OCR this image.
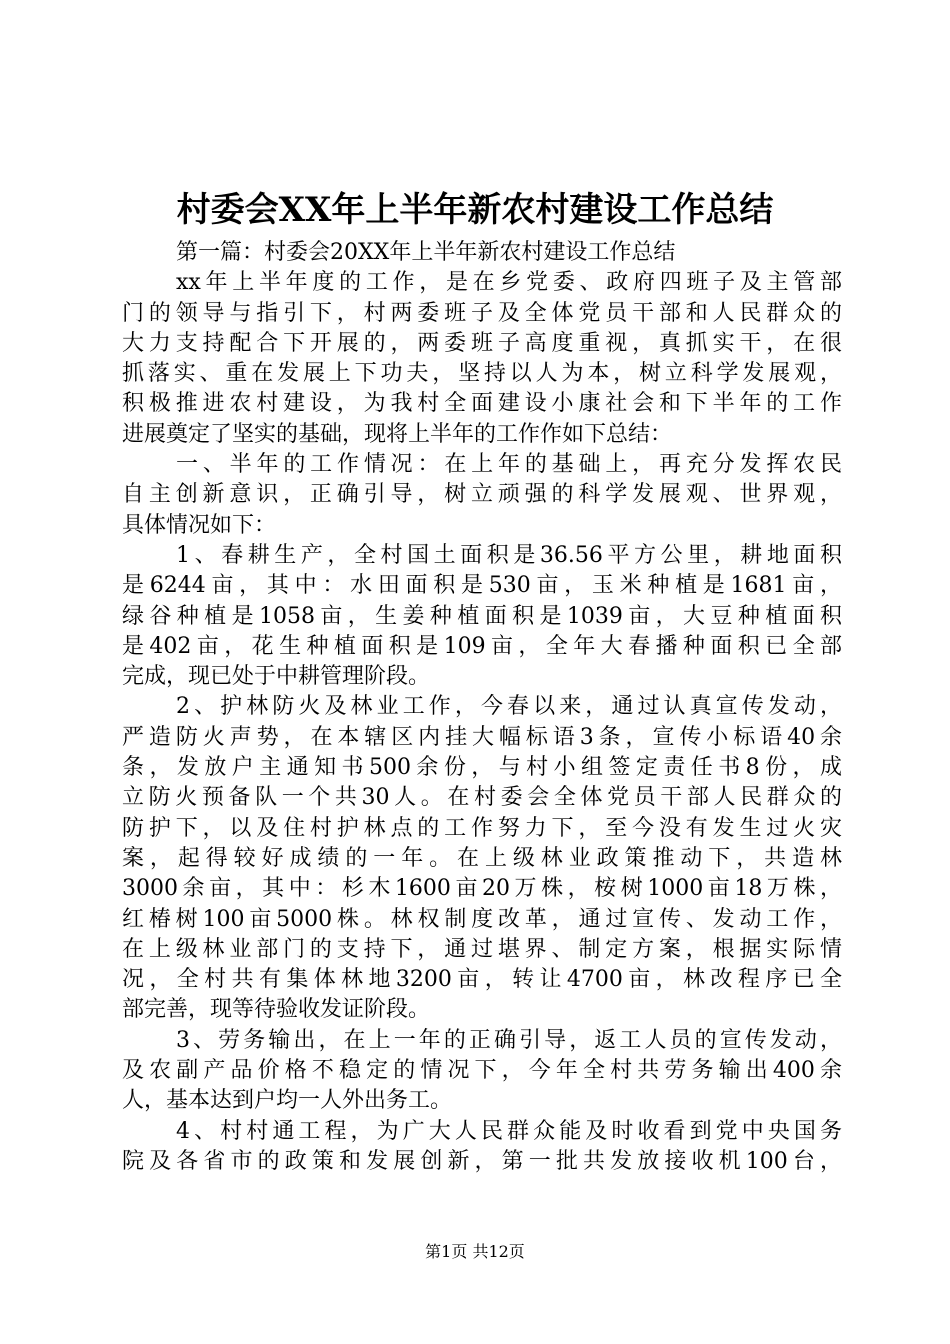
村委会XX年上半年新农村建设工作总结
第一篇：村委会20XX年上半年新农村建设工作总结
xx年上半年度的工作，是在乡党委、政府四班子及主管部
门的领导与指引下，村两委班子及全体党员干部和人民群众的
大力支持配合下开展的，两委班子高度重视，真抓实干，在很
抓落实、重在发展上下功夫，坚持以人为本，树立科学发展观，
积极推进农村建设，为我村全面建设小康社会和下半年的工作
进展奠定了坚实的基础，现将上半年的工作作如下总结：
一、半年的工作情况：在上年的基础上，再充分发挥农民
自主创新意识，正确引导，树立顽强的科学发展观、世界观，
具体情况如下：
1、春耕生产，全村国土面积是36.56平方公里，耕地面积
是6244亩，其中：水田面积是530亩，玉米种植是1681亩，
绿谷种植是1058亩，生姜种植面积是1039亩，大豆种植面积
是402亩，花生种植面积是109亩，全年大春播种面积已全部
完成，现已处于中耕管理阶段。
2、护林防火及林业工作，今春以来，通过认真宣传发动，
严造防火声势，在本辖区内挂大幅标语3条，宣传小标语40余
条，发放户主通知书500余份，与村小组签定责任书8份，成
立防火预备队一个共30人。在村委会全体党员干部人民群众的
防护下，以及住村护林点的工作努力下，至今没有发生过火灾
案，起得较好成绩的一年。在上级林业政策推动下，共造林
3000余亩，其中：杉木1600亩20万株，桉树1000亩18万株，
红椿树100亩5000株。林权制度改革，通过宣传、发动工作，
在上级林业部门的支持下，通过堪界、制定方案，根据实际情
况，全村共有集体林地3200亩，转让4700亩，林改程序已全
部完善，现等待验收发证阶段。
3、劳务输出，在上一年的正确引导，返工人员的宣传发动，
及农副产品价格不稳定的情况下，今年全村共劳务输出400余
人，基本达到户均一人外出务工。
4、村村通工程，为广大人民群众能及时收看到党中央国务
院及各省市的政策和发展创新，第一批共发放接收机100台，
第1页 共12页
